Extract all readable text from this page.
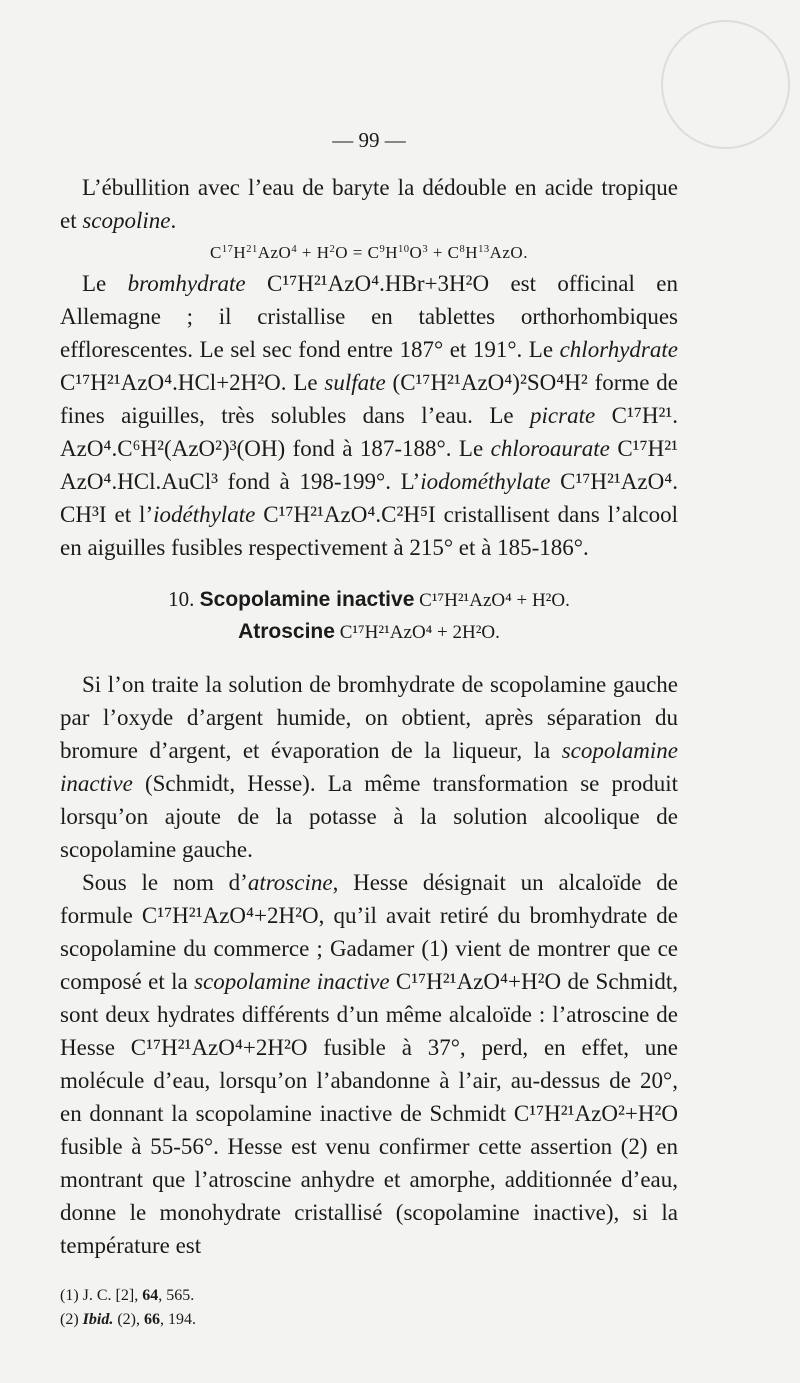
— 99 —

L’ébullition avec l’eau de baryte la dédouble en acide tropique et scopoline.

$C^{17}H^{21}AzO^4 + H^2O = C^9H^{10}O^3 + C^8H^{13}AzO$.

Le bromhydrate C¹⁷H²¹AzO⁴.HBr+3H²O est officinal en Allemagne ; il cristallise en tablettes orthorhombiques efflorescentes. Le sel sec fond entre 187° et 191°. Le chlorhydrate C¹⁷H²¹AzO⁴.HCl+2H²O. Le sulfate (C¹⁷H²¹AzO⁴)²SO⁴H² forme de fines aiguilles, très solubles dans l’eau. Le picrate C¹⁷H²¹. AzO⁴.C⁶H²(AzO²)³(OH) fond à 187-188°. Le chloroaurate C¹⁷H²¹ AzO⁴.HCl.AuCl³ fond à 198-199°. L’iodométhylate C¹⁷H²¹AzO⁴. CH³I et l’iodéthylate C¹⁷H²¹AzO⁴.C²H⁵I cristallisent dans l’alcool en aiguilles fusibles respectivement à 215° et à 185-186°.

10. Scopolamine inactive C¹⁷H²¹AzO⁴ + H²O.
Atroscine C¹⁷H²¹AzO⁴ + 2H²O.

Si l’on traite la solution de bromhydrate de scopolamine gauche par l’oxyde d’argent humide, on obtient, après séparation du bromure d’argent, et évaporation de la liqueur, la scopolamine inactive (Schmidt, Hesse). La même transformation se produit lorsqu’on ajoute de la potasse à la solution alcoolique de scopolamine gauche.

Sous le nom d’atroscine, Hesse désignait un alcaloïde de formule C¹⁷H²¹AzO⁴+2H²O, qu’il avait retiré du bromhydrate de scopolamine du commerce ; Gadamer (1) vient de montrer que ce composé et la scopolamine inactive C¹⁷H²¹AzO⁴+H²O de Schmidt, sont deux hydrates différents d’un même alcaloïde : l’atroscine de Hesse C¹⁷H²¹AzO⁴+2H²O fusible à 37°, perd, en effet, une molécule d’eau, lorsqu’on l’abandonne à l’air, au-dessus de 20°, en donnant la scopolamine inactive de Schmidt C¹⁷H²¹AzO²+H²O fusible à 55-56°. Hesse est venu confirmer cette assertion (2) en montrant que l’atroscine anhydre et amorphe, additionnée d’eau, donne le monohydrate cristallisé (scopolamine inactive), si la température est

(1) J. C. [2], 64, 565.
(2) Ibid. (2), 66, 194.
